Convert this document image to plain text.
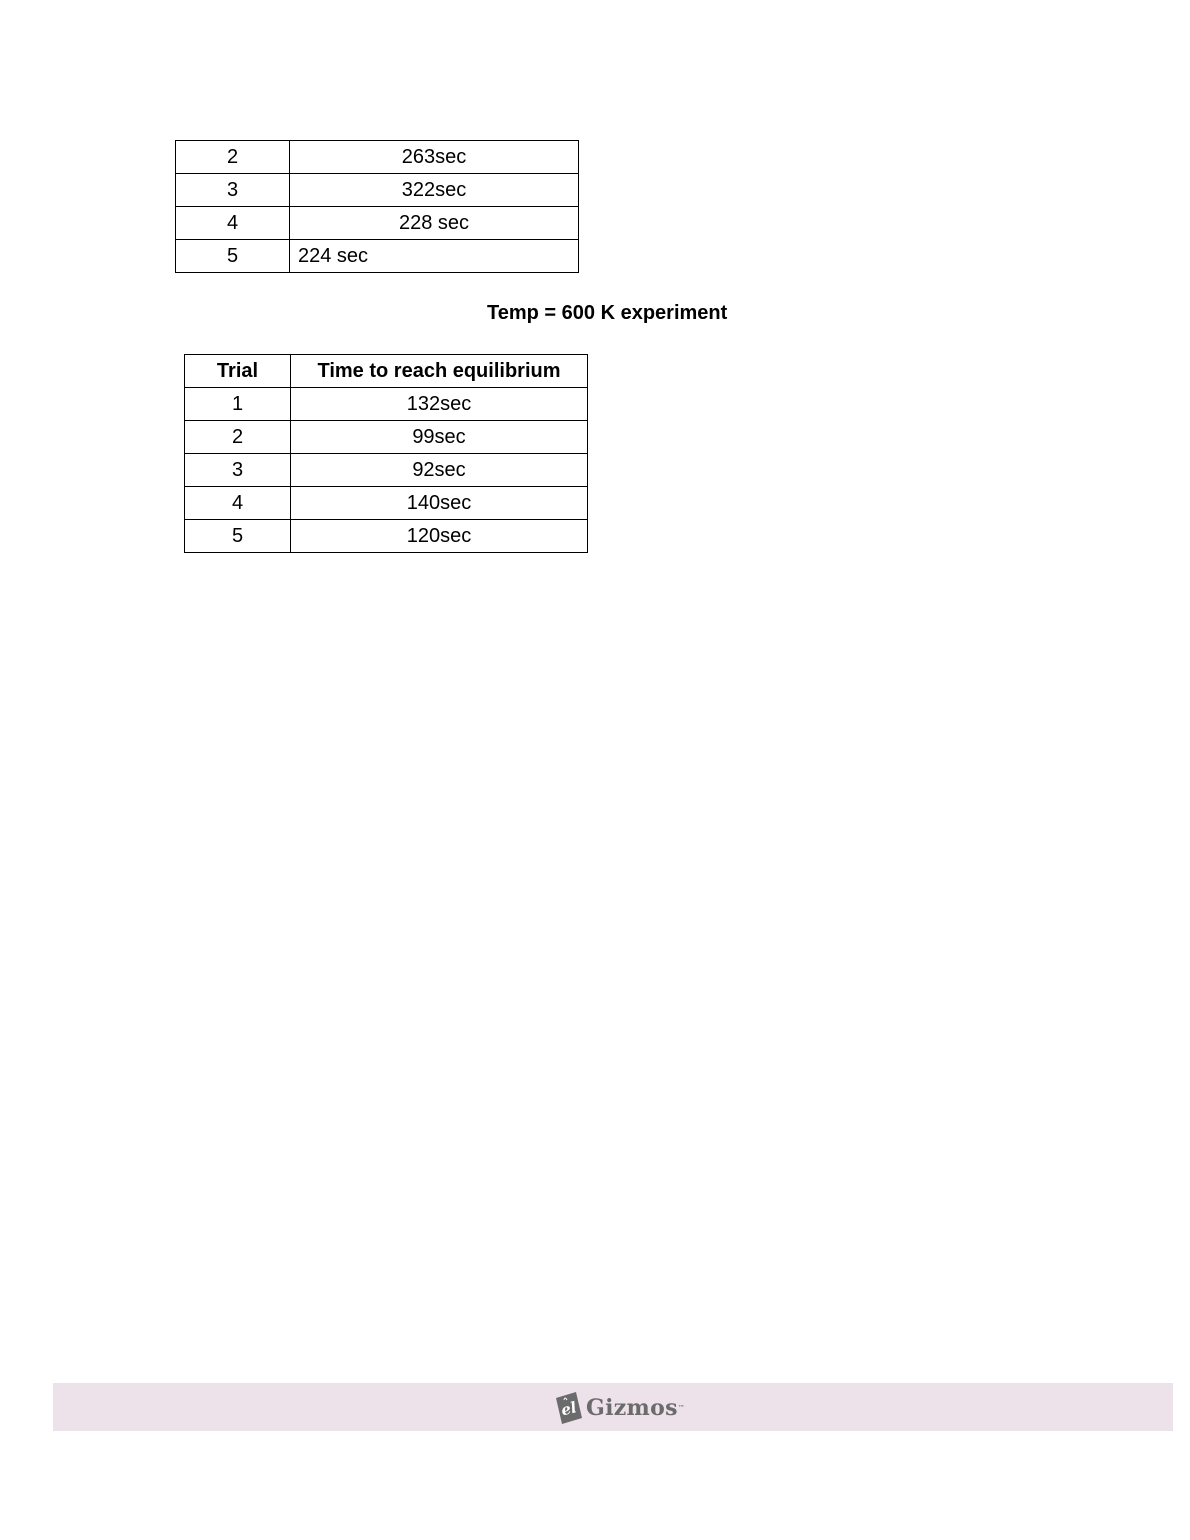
2	263sec
3	322sec
4	228 sec
5	224 sec
Temp = 600 K experiment
Trial	Time to reach equilibrium
1	132sec
2	99sec
3	92sec
4	140sec
5	120sec
el Gizmos ™
